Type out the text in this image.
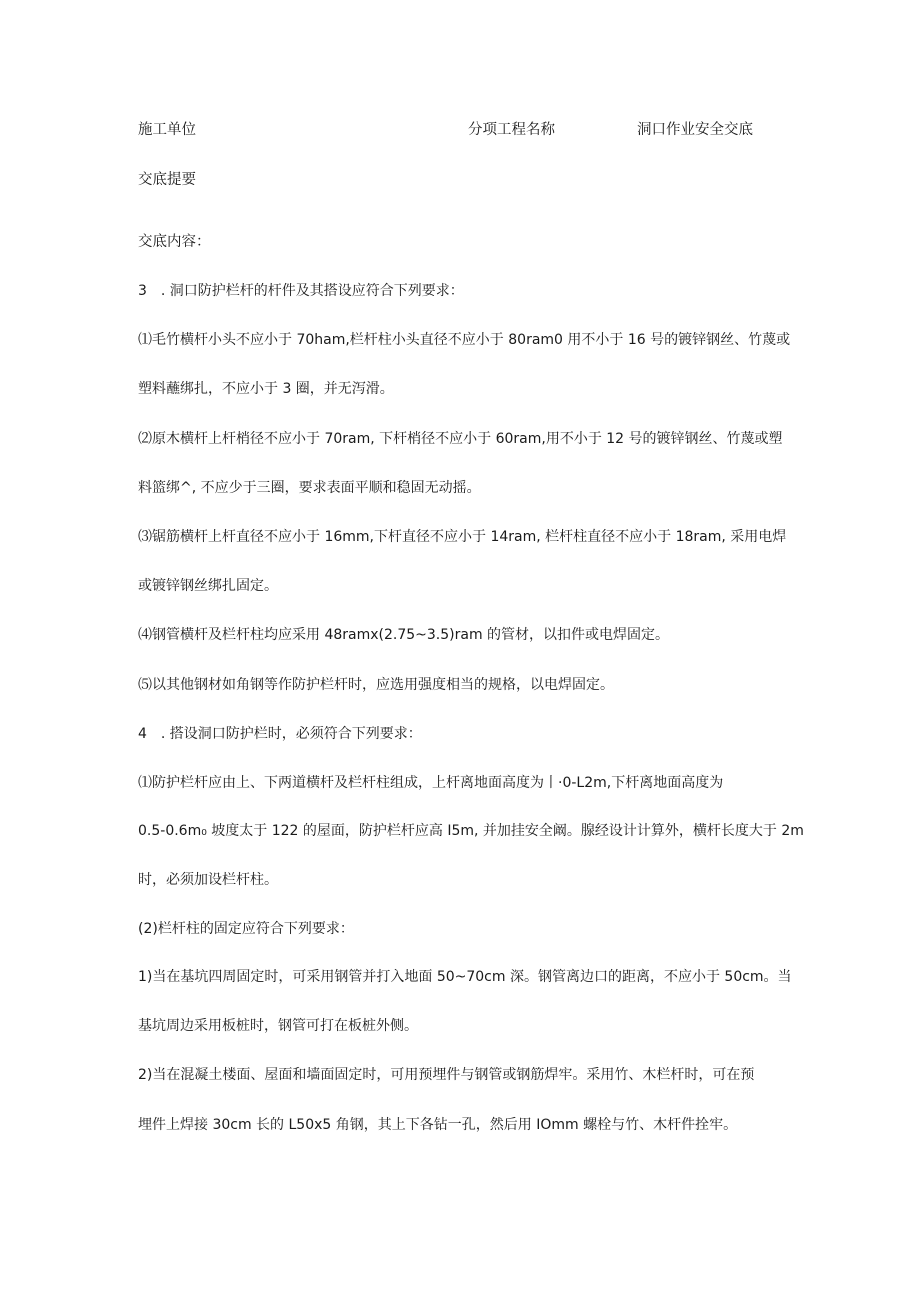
施工单位	分项工程名称	洞口作业安全交底
交底提要
交底内容：
3　. 洞口防护栏杆的杆件及其搭设应符合下列要求：
⑴毛竹横杆小头不应小于 70ham,栏杆柱小头直径不应小于 80ram0 用不小于 16 号的镀锌钢丝、竹蔑或
塑料蘸绑扎，不应小于 3 圈，并无泻滑。
⑵原木横杆上杆梢径不应小于 70ram, 下杆梢径不应小于 60ram,用不小于 12 号的镀锌钢丝、竹蔑或塑
料篮绑^, 不应少于三圈，要求表面平顺和稳固无动摇。
⑶锯筋横杆上杆直径不应小于 16mm,下杆直径不应小于 14ram, 栏杆柱直径不应小于 18ram, 采用电焊
或镀锌钢丝绑扎固定。
⑷钢管横杆及栏杆柱均应采用 48ramx(2.75~3.5)ram 的管材，以扣件或电焊固定。
⑸以其他钢材如角钢等作防护栏杆时，应选用强度相当的规格，以电焊固定。
4　. 搭设洞口防护栏时，必须符合下列要求：
⑴防护栏杆应由上、下两道横杆及栏杆柱组成，上杆离地面高度为丨·0-L2m,下杆离地面高度为
0.5-0.6m₀ 坡度太于 122 的屋面，防护栏杆应高 I5m, 并加挂安全阚。腺经设计计算外，横杆长度大于 2m
时，必须加设栏杆柱。
(2)栏杆柱的固定应符合下列要求：
1)当在基坑四周固定时，可采用钢管并打入地面 50~70cm 深。钢管离边口的距离，不应小于 50cm。当
基坑周边采用板桩时，钢管可打在板桩外侧。
2)当在混凝土楼面、屋面和墙面固定时，可用预埋件与钢管或钢筋焊牢。采用竹、木栏杆时，可在预
埋件上焊接 30cm 长的 L50x5 角钢，其上下各钻一孔，然后用 IOmm 螺栓与竹、木杆件拴牢。
